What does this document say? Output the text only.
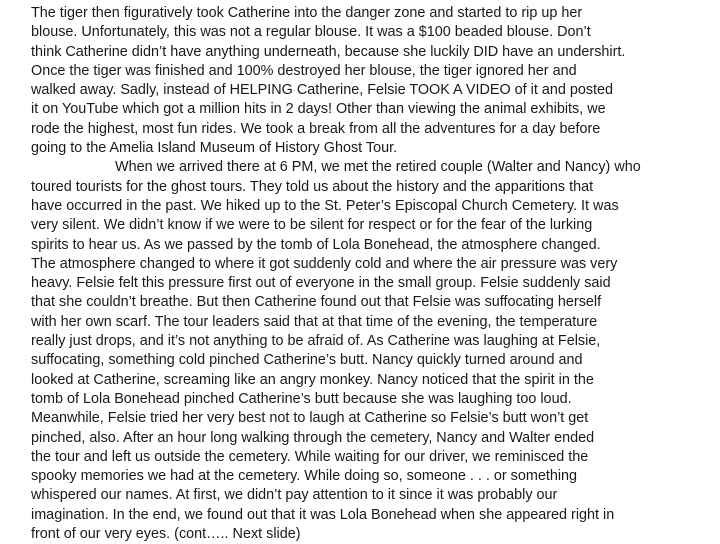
The tiger then figuratively took Catherine into the danger zone and started to rip up her
blouse. Unfortunately, this was not a regular blouse. It was a $100 beaded blouse. Don’t
think Catherine didn’t have anything underneath, because she luckily DID have an undershirt.
Once the tiger was finished and 100% destroyed her blouse, the tiger ignored her and
walked away. Sadly, instead of HELPING Catherine, Felsie TOOK A VIDEO of it and posted
it on YouTube which got a million hits in 2 days! Other than viewing the animal exhibits, we
rode the highest, most fun rides. We took a break from all the adventures for a day before
going to the Amelia Island Museum of History Ghost Tour.
When we arrived there at 6 PM, we met the retired couple (Walter and Nancy) who
toured tourists for the ghost tours. They told us about the history and the apparitions that
have occurred in the past. We hiked up to the St. Peter’s Episcopal Church Cemetery. It was
very silent. We didn’t know if we were to be silent for respect or for the fear of the lurking
spirits to hear us. As we passed by the tomb of Lola Bonehead, the atmosphere changed.
The atmosphere changed to where it got suddenly cold and where the air pressure was very
heavy. Felsie felt this pressure first out of everyone in the small group. Felsie suddenly said
that she couldn’t breathe. But then Catherine found out that Felsie was suffocating herself
with her own scarf. The tour leaders said that at that time of the evening, the temperature
really just drops, and it’s not anything to be afraid of. As Catherine was laughing at Felsie,
suffocating, something cold pinched Catherine’s butt. Nancy quickly turned around and
looked at Catherine, screaming like an angry monkey. Nancy noticed that the spirit in the
tomb of Lola Bonehead pinched Catherine’s butt because she was laughing too loud.
Meanwhile, Felsie tried her very best not to laugh at Catherine so Felsie’s butt won’t get
pinched, also. After an hour long walking through the cemetery, Nancy and Walter ended
the tour and left us outside the cemetery. While waiting for our driver, we reminisced the
spooky memories we had at the cemetery. While doing so, someone . . . or something
whispered our names. At first, we didn’t pay attention to it since it was probably our
imagination. In the end, we found out that it was Lola Bonehead when she appeared right in
front of our very eyes. (cont….. Next slide)
